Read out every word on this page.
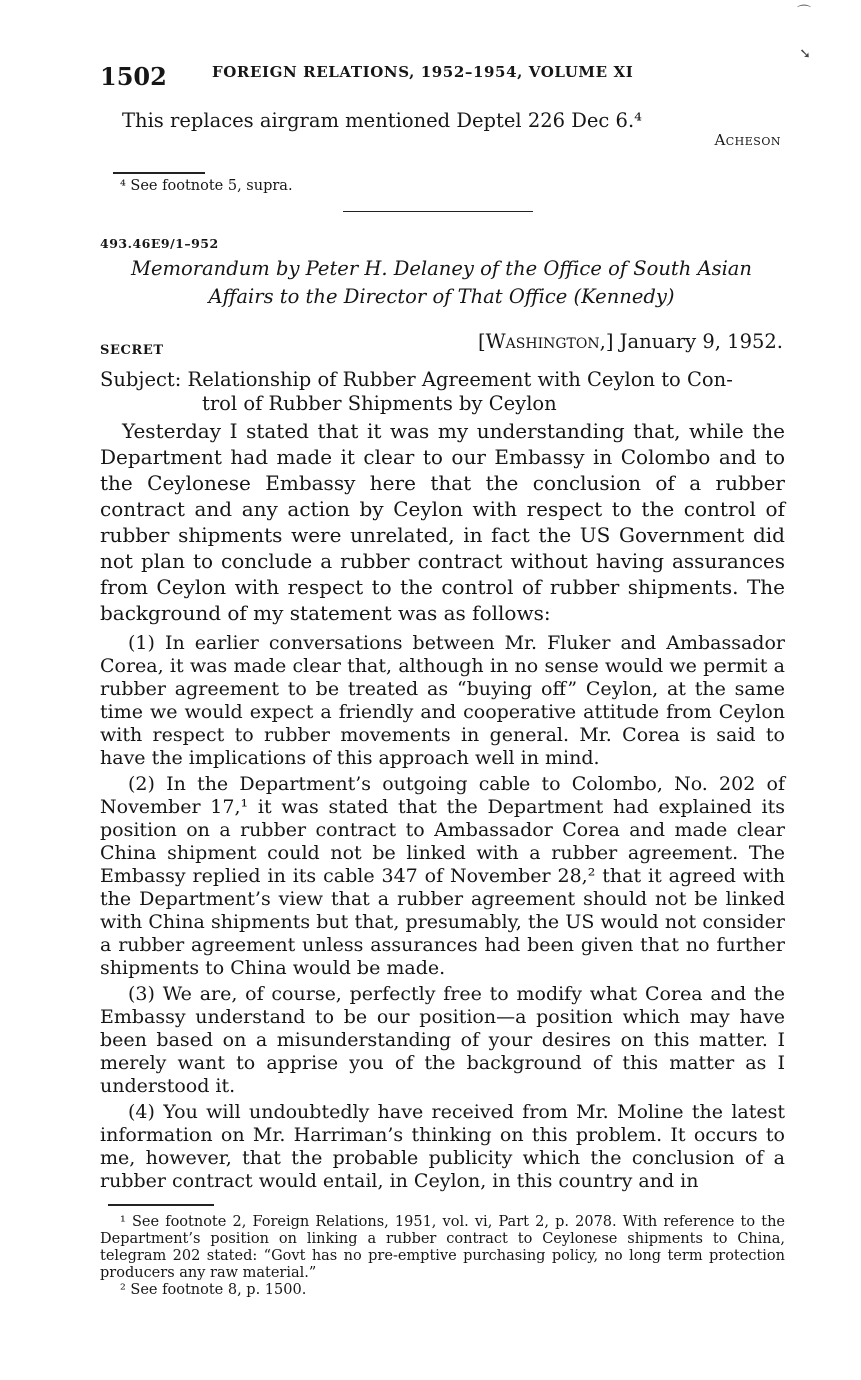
⌒
➘
1502	FOREIGN RELATIONS, 1952–1954, VOLUME XI
This replaces airgram mentioned Deptel 226 Dec 6.⁴
Acheson
⁴ See footnote 5, supra.
493.46E9/1–952
Memorandum by Peter H. Delaney of the Office of South Asian
Affairs to the Director of That Office (Kennedy)
SECRET	[Washington,] January 9, 1952.
Subject: Relationship of Rubber Agreement with Ceylon to Con-
trol of Rubber Shipments by Ceylon
Yesterday I stated that it was my understanding that, while the Department had made it clear to our Embassy in Colombo and to the Ceylonese Embassy here that the conclusion of a rubber contract and any action by Ceylon with respect to the control of rubber shipments were unrelated, in fact the US Government did not plan to conclude a rubber contract without having assurances from Ceylon with respect to the control of rubber shipments. The background of my statement was as follows:

(1) In earlier conversations between Mr. Fluker and Ambassador Corea, it was made clear that, although in no sense would we permit a rubber agreement to be treated as “buying off” Ceylon, at the same time we would expect a friendly and cooperative attitude from Ceylon with respect to rubber movements in general. Mr. Corea is said to have the implications of this approach well in mind.

(2) In the Department’s outgoing cable to Colombo, No. 202 of November 17,¹ it was stated that the Department had explained its position on a rubber contract to Ambassador Corea and made clear China shipment could not be linked with a rubber agreement. The Embassy replied in its cable 347 of November 28,² that it agreed with the Department’s view that a rubber agreement should not be linked with China shipments but that, presumably, the US would not consider a rubber agreement unless assurances had been given that no further shipments to China would be made.

(3) We are, of course, perfectly free to modify what Corea and the Embassy understand to be our position—a position which may have been based on a misunderstanding of your desires on this matter. I merely want to apprise you of the background of this matter as I understood it.

(4) You will undoubtedly have received from Mr. Moline the latest information on Mr. Harriman’s thinking on this problem. It occurs to me, however, that the probable publicity which the conclusion of a rubber contract would entail, in Ceylon, in this country and in

¹ See footnote 2, Foreign Relations, 1951, vol. vi, Part 2, p. 2078. With reference to the Department’s position on linking a rubber contract to Ceylonese shipments to China, telegram 202 stated: “Govt has no pre-emptive purchasing policy, no long term protection producers any raw material.”

² See footnote 8, p. 1500.
